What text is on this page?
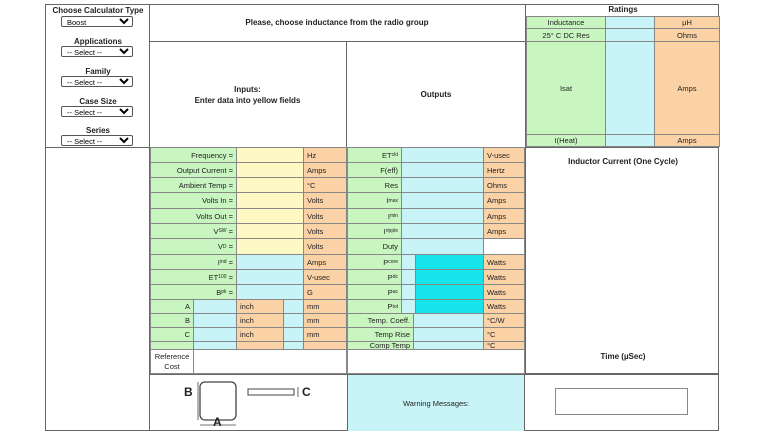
Choose Calculator Type
Boost
Applications
-- Select --
Family
-- Select --
Case Size
-- Select --
Series
-- Select --
Please, choose inductance from the radio group
Inputs:
Enter data into yellow fields
Outputs
Ratings
Inductance	µH
25° C DC Res	Ohms
Isat	Amps
I(Heat)	Amps
Frequency =	Hz
Output Current =	Amps
Ambient Temp =	°C
Volts In =	Volts
Volts Out =	Volts
V SW =	Volts
V D =	Volts
I ind =	Amps
ET 100 =	V-usec
B pk =	G
A	inch	mm
B	inch	mm
C	inch	mm
Reference Cost
ET ckt	V-usec
F(eff)	Hertz
Res	Ohms
I max	Amps
I min	Amps
I ripple	Amps
Duty
P core	Watts
P dc	Watts
P ac	Watts
P tot	Watts
Temp. Coeff.	°C/W
Temp Rise	°C
Comp Temp	°C
Inductor Current (One Cycle)
Time (µSec)
B
A
C
Warning Messages:
